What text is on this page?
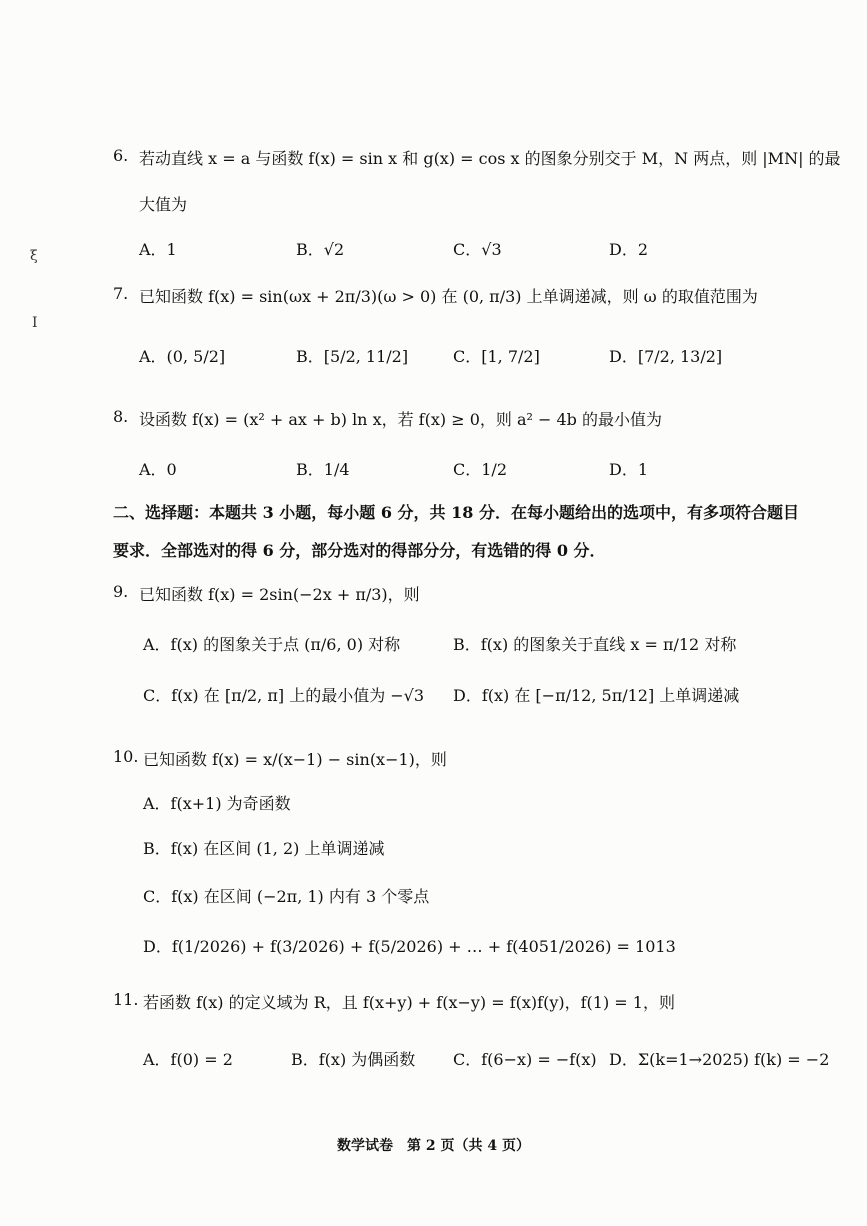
ξ
I
6. 若动直线 x = a 与函数 f(x) = sin x 和 g(x) = cos x 的图象分别交于 M，N 两点，则 |MN| 的最
大值为
A．1	B．√2	C．√3	D．2
7. 已知函数 f(x) = sin(ωx + 2π/3)(ω > 0) 在 (0, π/3) 上单调递减，则 ω 的取值范围为
A．(0, 5/2]	B．[5/2, 11/2]	C．[1, 7/2]	D．[7/2, 13/2]
8. 设函数 f(x) = (x² + ax + b) ln x，若 f(x) ≥ 0，则 a² − 4b 的最小值为
A．0	B．1/4	C．1/2	D．1
二、选择题：本题共 3 小题，每小题 6 分，共 18 分．在每小题给出的选项中，有多项符合题目
要求．全部选对的得 6 分，部分选对的得部分分，有选错的得 0 分．
9. 已知函数 f(x) = 2sin(−2x + π/3)，则
A．f(x) 的图象关于点 (π/6, 0) 对称	B．f(x) 的图象关于直线 x = π/12 对称
C．f(x) 在 [π/2, π] 上的最小值为 −√3 D．f(x) 在 [−π/12, 5π/12] 上单调递减
10. 已知函数 f(x) = x/(x−1) − sin(x−1)，则
A．f(x+1) 为奇函数
B．f(x) 在区间 (1, 2) 上单调递减
C．f(x) 在区间 (−2π, 1) 内有 3 个零点
D．f(1/2026) + f(3/2026) + f(5/2026) + … + f(4051/2026) = 1013
11. 若函数 f(x) 的定义域为 R，且 f(x+y) + f(x−y) = f(x)f(y)，f(1) = 1，则
A．f(0) = 2	B．f(x) 为偶函数 C．f(6−x) = −f(x) D．Σ(k=1→2025) f(k) = −2
数学试卷　第 2 页（共 4 页）
